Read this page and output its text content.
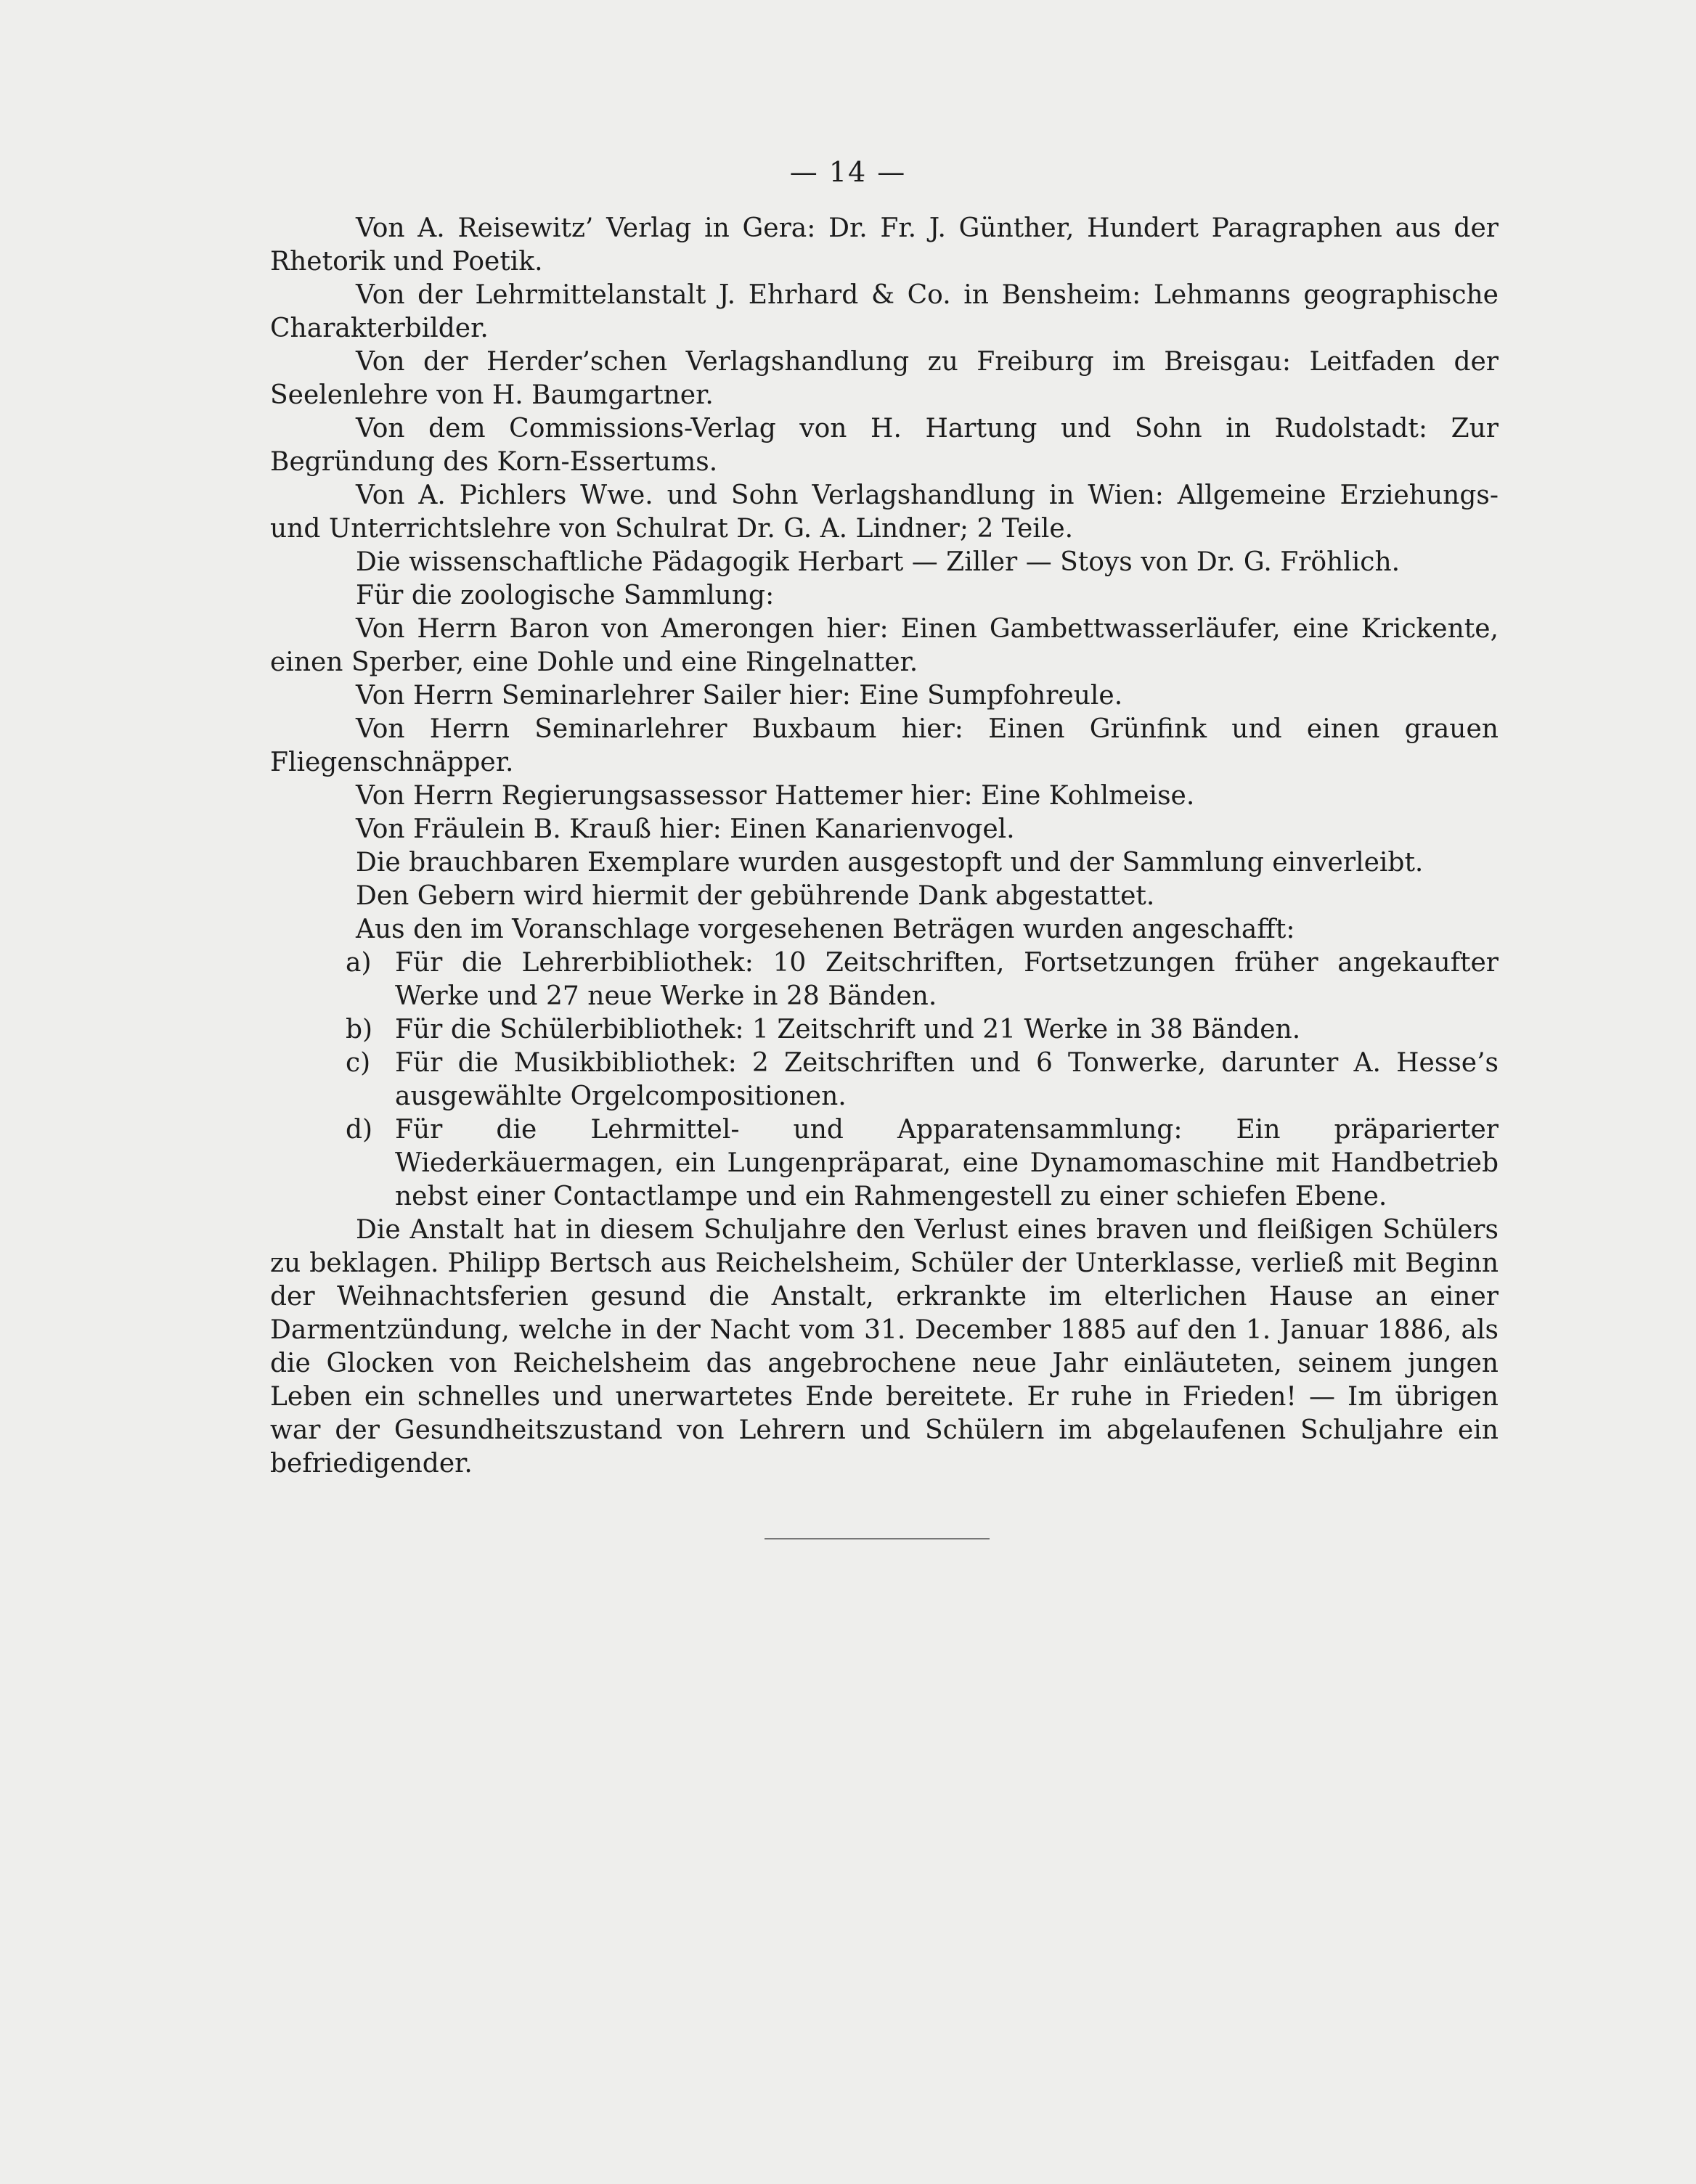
— 14 —

Von A. Reisewitz’ Verlag in Gera: Dr. Fr. J. Günther, Hundert Paragraphen aus der Rhetorik und Poetik.

Von der Lehrmittelanstalt J. Ehrhard & Co. in Bensheim: Lehmanns geographische Charakterbilder.

Von der Herder’schen Verlagshandlung zu Freiburg im Breisgau: Leitfaden der Seelenlehre von H. Baumgartner.

Von dem Commissions-Verlag von H. Hartung und Sohn in Rudolstadt: Zur Begründung des Korn-Essertums.

Von A. Pichlers Wwe. und Sohn Verlagshandlung in Wien: Allgemeine Erziehungs- und Unterrichtslehre von Schulrat Dr. G. A. Lindner; 2 Teile.

Die wissenschaftliche Pädagogik Herbart — Ziller — Stoys von Dr. G. Fröhlich.

Für die zoologische Sammlung:

Von Herrn Baron von Amerongen hier: Einen Gambettwasserläufer, eine Krickente, einen Sperber, eine Dohle und eine Ringelnatter.

Von Herrn Seminarlehrer Sailer hier: Eine Sumpfohreule.

Von Herrn Seminarlehrer Buxbaum hier: Einen Grünfink und einen grauen Fliegenschnäpper.

Von Herrn Regierungsassessor Hattemer hier: Eine Kohlmeise.

Von Fräulein B. Krauß hier: Einen Kanarienvogel.

Die brauchbaren Exemplare wurden ausgestopft und der Sammlung einverleibt.

Den Gebern wird hiermit der gebührende Dank abgestattet.

Aus den im Voranschlage vorgesehenen Beträgen wurden angeschafft:

a) Für die Lehrerbibliothek: 10 Zeitschriften, Fortsetzungen früher angekaufter Werke und 27 neue Werke in 28 Bänden.
b) Für die Schülerbibliothek: 1 Zeitschrift und 21 Werke in 38 Bänden.
c) Für die Musikbibliothek: 2 Zeitschriften und 6 Tonwerke, darunter A. Hesse’s ausgewählte Orgelcompositionen.
d) Für die Lehrmittel- und Apparatensammlung: Ein präparierter Wiederkäuermagen, ein Lungenpräparat, eine Dynamomaschine mit Handbetrieb nebst einer Contactlampe und ein Rahmengestell zu einer schiefen Ebene.

Die Anstalt hat in diesem Schuljahre den Verlust eines braven und fleißigen Schülers zu beklagen. Philipp Bertsch aus Reichelsheim, Schüler der Unterklasse, verließ mit Beginn der Weihnachtsferien gesund die Anstalt, erkrankte im elterlichen Hause an einer Darmentzündung, welche in der Nacht vom 31. December 1885 auf den 1. Januar 1886, als die Glocken von Reichelsheim das angebrochene neue Jahr einläuteten, seinem jungen Leben ein schnelles und unerwartetes Ende bereitete. Er ruhe in Frieden! — Im übrigen war der Gesundheitszustand von Lehrern und Schülern im abgelaufenen Schuljahre ein befriedigender.
